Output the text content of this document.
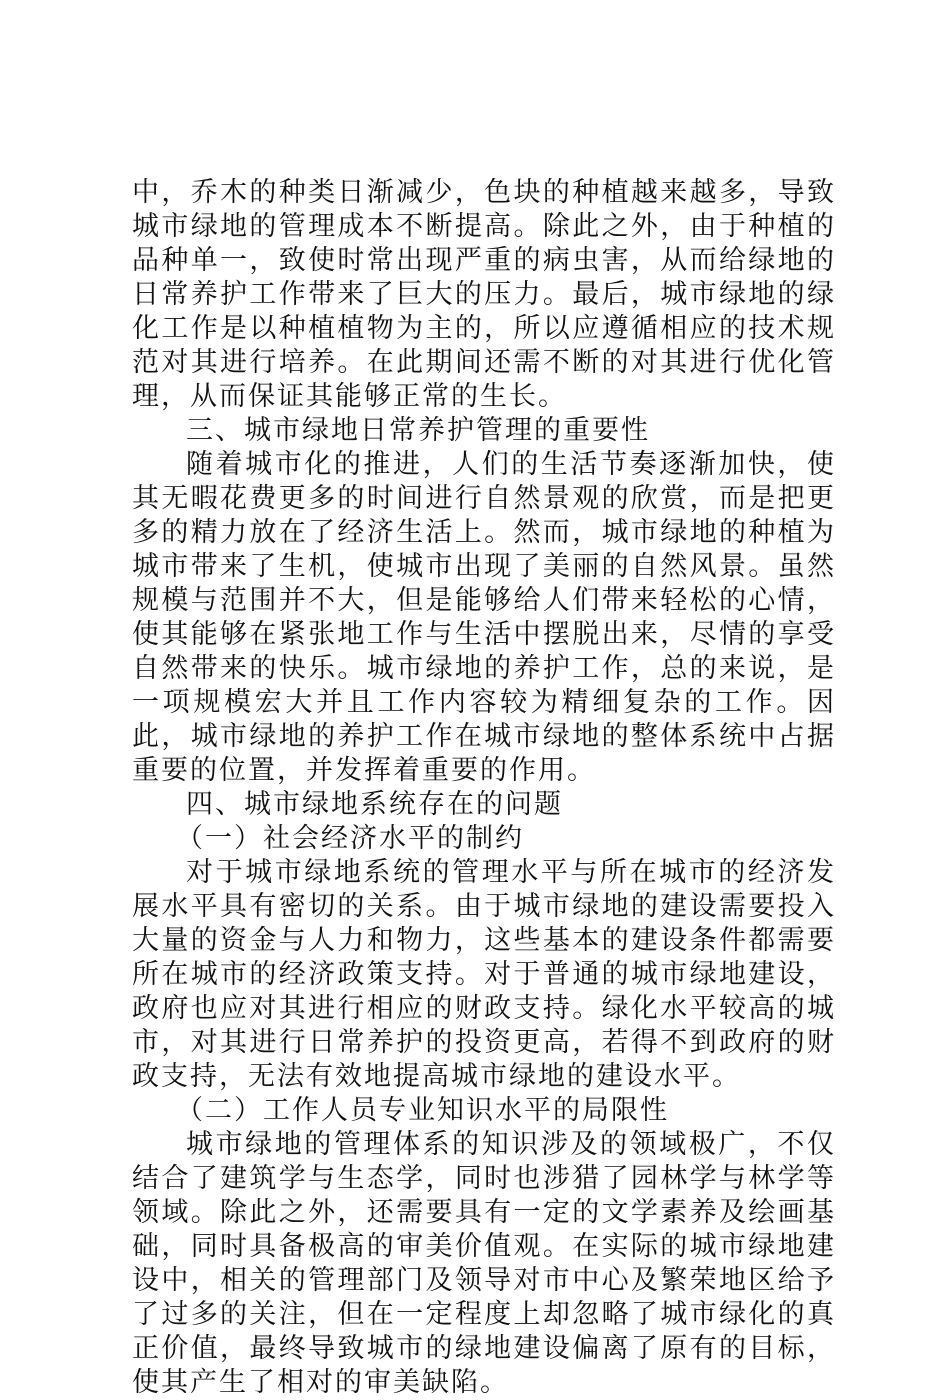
中，乔木的种类日渐减少，色块的种植越来越多，导致城市绿地的管理成本不断提高。除此之外，由于种植的品种单一，致使时常出现严重的病虫害，从而给绿地的日常养护工作带来了巨大的压力。最后，城市绿地的绿化工作是以种植植物为主的，所以应遵循相应的技术规范对其进行培养。在此期间还需不断的对其进行优化管理，从而保证其能够正常的生长。

三、城市绿地日常养护管理的重要性

随着城市化的推进，人们的生活节奏逐渐加快，使其无暇花费更多的时间进行自然景观的欣赏，而是把更多的精力放在了经济生活上。然而，城市绿地的种植为城市带来了生机，使城市出现了美丽的自然风景。虽然规模与范围并不大，但是能够给人们带来轻松的心情，使其能够在紧张地工作与生活中摆脱出来，尽情的享受自然带来的快乐。城市绿地的养护工作，总的来说，是一项规模宏大并且工作内容较为精细复杂的工作。因此，城市绿地的养护工作在城市绿地的整体系统中占据重要的位置，并发挥着重要的作用。

四、城市绿地系统存在的问题

（一）社会经济水平的制约

对于城市绿地系统的管理水平与所在城市的经济发展水平具有密切的关系。由于城市绿地的建设需要投入大量的资金与人力和物力，这些基本的建设条件都需要所在城市的经济政策支持。对于普通的城市绿地建设，政府也应对其进行相应的财政支持。绿化水平较高的城市，对其进行日常养护的投资更高，若得不到政府的财政支持，无法有效地提高城市绿地的建设水平。

（二）工作人员专业知识水平的局限性

城市绿地的管理体系的知识涉及的领域极广，不仅结合了建筑学与生态学，同时也涉猎了园林学与林学等领域。除此之外，还需要具有一定的文学素养及绘画基础，同时具备极高的审美价值观。在实际的城市绿地建设中，相关的管理部门及领导对市中心及繁荣地区给予了过多的关注，但在一定程度上却忽略了城市绿化的真正价值，最终导致城市的绿地建设偏离了原有的目标，使其产生了相对的审美缺陷。
